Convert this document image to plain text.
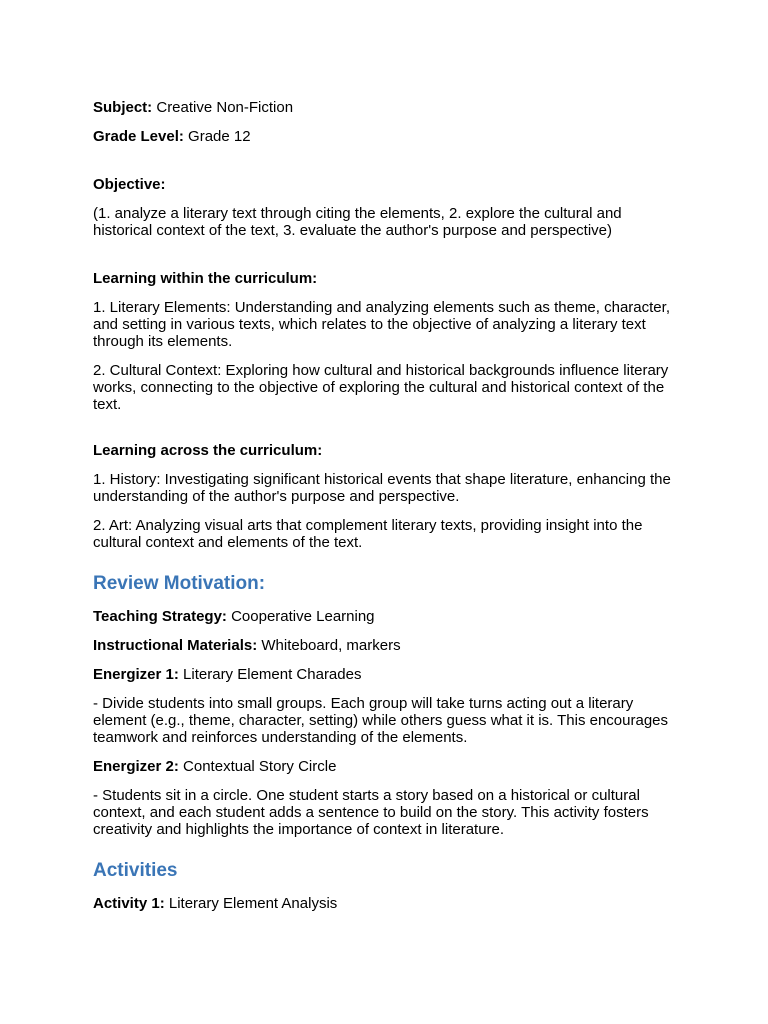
Subject: Creative Non-Fiction

Grade Level: Grade 12

Objective:

(1. analyze a literary text through citing the elements, 2. explore the cultural and historical context of the text, 3. evaluate the author's purpose and perspective)

Learning within the curriculum:

1. Literary Elements: Understanding and analyzing elements such as theme, character, and setting in various texts, which relates to the objective of analyzing a literary text through its elements.

2. Cultural Context: Exploring how cultural and historical backgrounds influence literary works, connecting to the objective of exploring the cultural and historical context of the text.

Learning across the curriculum:

1. History: Investigating significant historical events that shape literature, enhancing the understanding of the author's purpose and perspective.

2. Art: Analyzing visual arts that complement literary texts, providing insight into the cultural context and elements of the text.

Review Motivation:

Teaching Strategy: Cooperative Learning

Instructional Materials: Whiteboard, markers

Energizer 1: Literary Element Charades

- Divide students into small groups. Each group will take turns acting out a literary element (e.g., theme, character, setting) while others guess what it is. This encourages teamwork and reinforces understanding of the elements.

Energizer 2: Contextual Story Circle

- Students sit in a circle. One student starts a story based on a historical or cultural context, and each student adds a sentence to build on the story. This activity fosters creativity and highlights the importance of context in literature.

Activities

Activity 1: Literary Element Analysis
